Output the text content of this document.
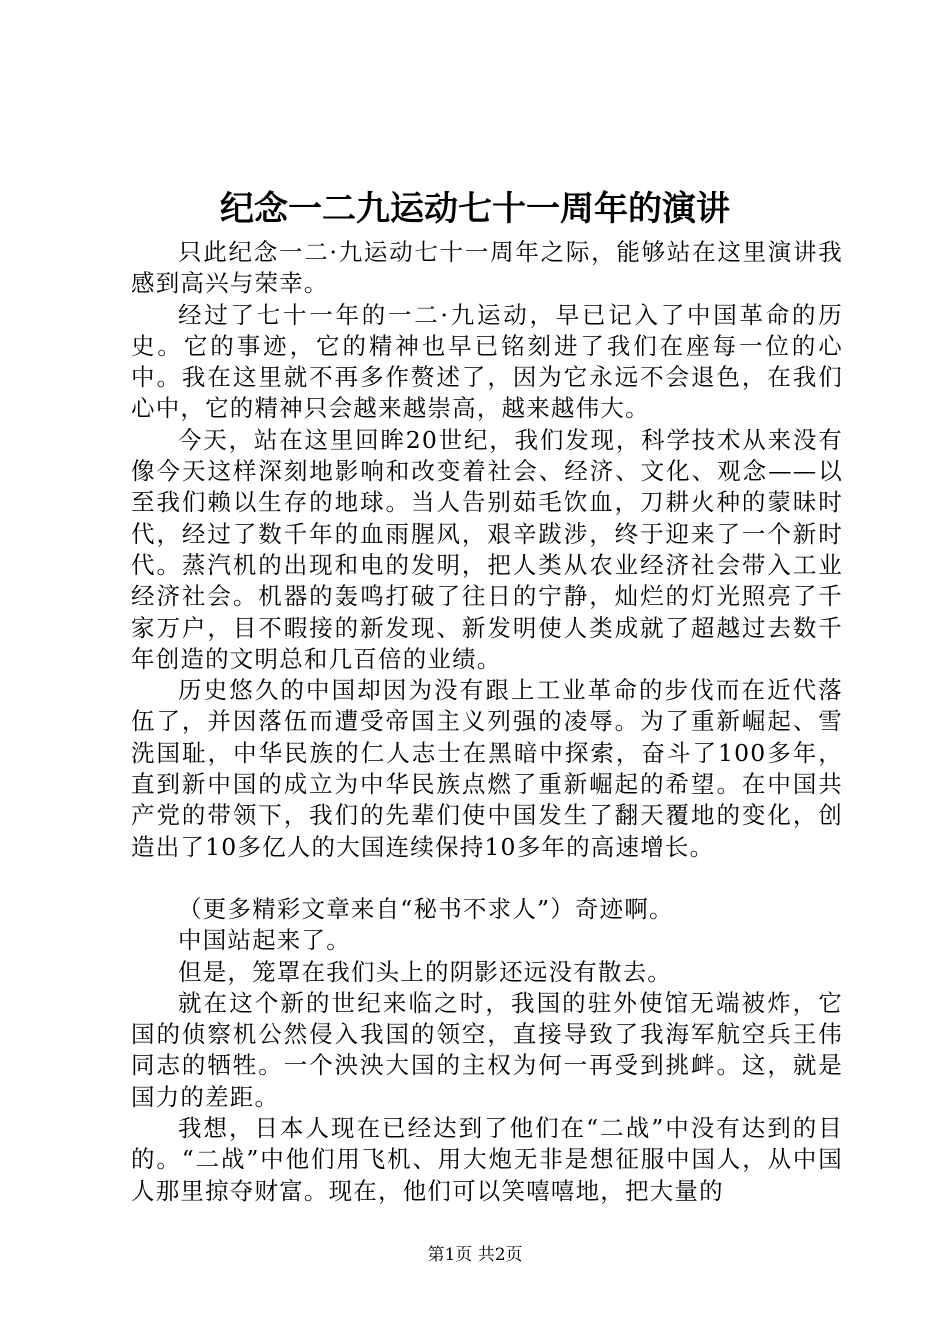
纪念一二九运动七十一周年的演讲

只此纪念一二·九运动七十一周年之际，能够站在这里演讲我感到高兴与荣幸。

经过了七十一年的一二·九运动，早已记入了中国革命的历史。它的事迹，它的精神也早已铭刻进了我们在座每一位的心中。我在这里就不再多作赘述了，因为它永远不会退色，在我们心中，它的精神只会越来越崇高，越来越伟大。

今天，站在这里回眸20世纪，我们发现，科学技术从来没有像今天这样深刻地影响和改变着社会、经济、文化、观念——以至我们赖以生存的地球。当人告别茹毛饮血，刀耕火种的蒙昧时代，经过了数千年的血雨腥风，艰辛跋涉，终于迎来了一个新时代。蒸汽机的出现和电的发明，把人类从农业经济社会带入工业经济社会。机器的轰鸣打破了往日的宁静，灿烂的灯光照亮了千家万户，目不暇接的新发现、新发明使人类成就了超越过去数千年创造的文明总和几百倍的业绩。

历史悠久的中国却因为没有跟上工业革命的步伐而在近代落伍了，并因落伍而遭受帝国主义列强的凌辱。为了重新崛起、雪洗国耻，中华民族的仁人志士在黑暗中探索，奋斗了100多年，直到新中国的成立为中华民族点燃了重新崛起的希望。在中国共产党的带领下，我们的先辈们使中国发生了翻天覆地的变化，创造出了10多亿人的大国连续保持10多年的高速增长。

（更多精彩文章来自“秘书不求人”）奇迹啊。

中国站起来了。

但是，笼罩在我们头上的阴影还远没有散去。

就在这个新的世纪来临之时，我国的驻外使馆无端被炸，它国的侦察机公然侵入我国的领空，直接导致了我海军航空兵王伟同志的牺牲。一个泱泱大国的主权为何一再受到挑衅。这，就是国力的差距。

我想，日本人现在已经达到了他们在“二战”中没有达到的目的。“二战”中他们用飞机、用大炮无非是想征服中国人，从中国人那里掠夺财富。现在，他们可以笑嘻嘻地，把大量的

第1页 共2页
